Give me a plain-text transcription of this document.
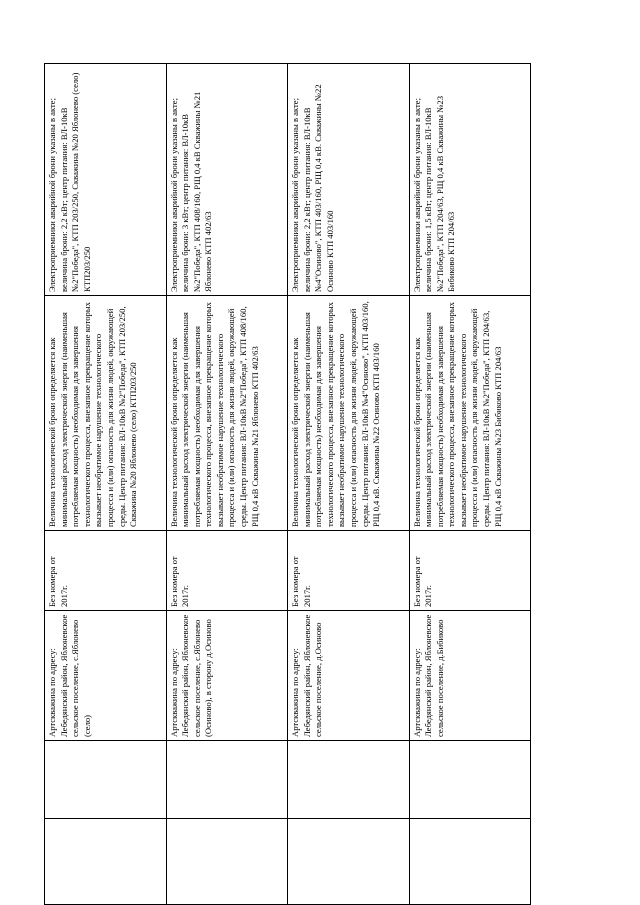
		Артскважина по адресу: Лебедянский район, Яблоневское сельское поселение, с.Яблонево (село)	Без номера от 2017г.	Величина технологической брони определяется как минимальный расход электрической энергии (наименьшая потребляемая мощность) необходимая для завершения технологического процесса, внезапное прекращение которых вызывает необратимое нарушение технологического процесса и (или) опасность для жизни людей, окружающей среды. Центр питания: ВЛ-10кВ №2"Победа", КТП 203/250, Скважина №20 Яблонево (село) КТП203/250	Электроприемники аварийной брони указаны в акте; величина брони: 2,2 кВт; центр питания: ВЛ-10кВ №2"Победа", КТП 203/250, Скважина №20 Яблонево (село) КТП203/250
		Артскважина по адресу: Лебедянский район, Яблоневское сельское поселение, с.Яблонево (Осиново), в сторону д.Осиново	Без номера от 2017г.	Величина технологической брони определяется как минимальный расход электрической энергии (наименьшая потребляемая мощность) необходимая для завершения технологического процесса, внезапное прекращение которых вызывает необратимое нарушение технологического процесса и (или) опасность для жизни людей, окружающей среды. Центр питания: ВЛ-10кВ №2"Победа", КТП 408/160, РЩ 0,4 кВ Скважины №21 Яблонево КТП 402/63	Электроприемники аварийной брони указаны в акте; величина брони: 3 кВт; центр питания: ВЛ-10кВ №2"Победа", КТП 408/160, РЩ 0,4 кВ Скважины №21 Яблонево КТП 402/63
		Артскважина по адресу: Лебедянский район, Яблоневское сельское поселение, д.Осиново	Без номера от 2017г.	Величина технологической брони определяется как минимальный расход электрической энергии (наименьшая потребляемая мощность) необходимая для завершения технологического процесса, внезапное прекращение которых вызывает необратимое нарушение технологического процесса и (или) опасность для жизни людей, окружающей среды. Центр питания: ВЛ-10кВ №4"Осиново", КТП 403/160, РЩ 0,4 кВ. Скважины №22 Осиново КТП 403/160	Электроприемники аварийной брони указаны в акте; величина брони: 2,2 кВт; центр питания: ВЛ-10кВ №4"Осиново", КТП 403/160, РЩ 0,4 кВ. Скважины №22 Осиново КТП 403/160
		Артскважина по адресу: Лебедянский район, Яблоневское сельское поселение, д.Бибиково	Без номера от 2017г.	Величина технологической брони определяется как минимальный расход электрической энергии (наименьшая потребляемая мощность) необходимая для завершения технологического процесса, внезапное прекращение которых вызывает необратимое нарушение технологического процесса и (или) опасность для жизни людей, окружающей среды. Центр питания: ВЛ-10кВ №2"Победа", КТП 204/63, РЩ 0,4 кВ Скважины №23 Бибиково КТП 204/63	Электроприемники аварийной брони указаны в акте; величина брони: 1,5 кВт; центр питания: ВЛ-10кВ №2"Победа", КТП 204/63, РЩ 0,4 кВ Скважины №23 Бибиково КТП 204/63
